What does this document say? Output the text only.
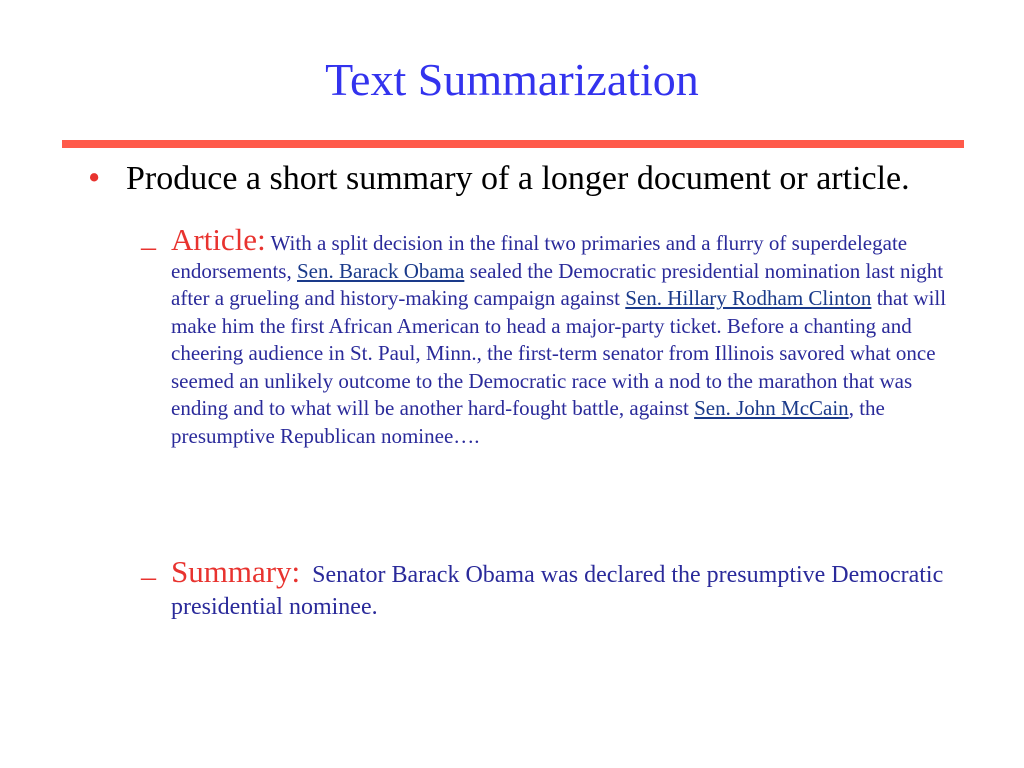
Text Summarization
• Produce a short summary of a longer document or article.
– Article: With a split decision in the final two primaries and a flurry of superdelegate endorsements, Sen. Barack Obama sealed the Democratic presidential nomination last night after a grueling and history-making campaign against Sen. Hillary Rodham Clinton that will make him the first African American to head a major-party ticket. Before a chanting and cheering audience in St. Paul, Minn., the first-term senator from Illinois savored what once seemed an unlikely outcome to the Democratic race with a nod to the marathon that was ending and to what will be another hard-fought battle, against Sen. John McCain, the presumptive Republican nominee….
– Summary:  Senator Barack Obama was declared the presumptive Democratic presidential nominee.
